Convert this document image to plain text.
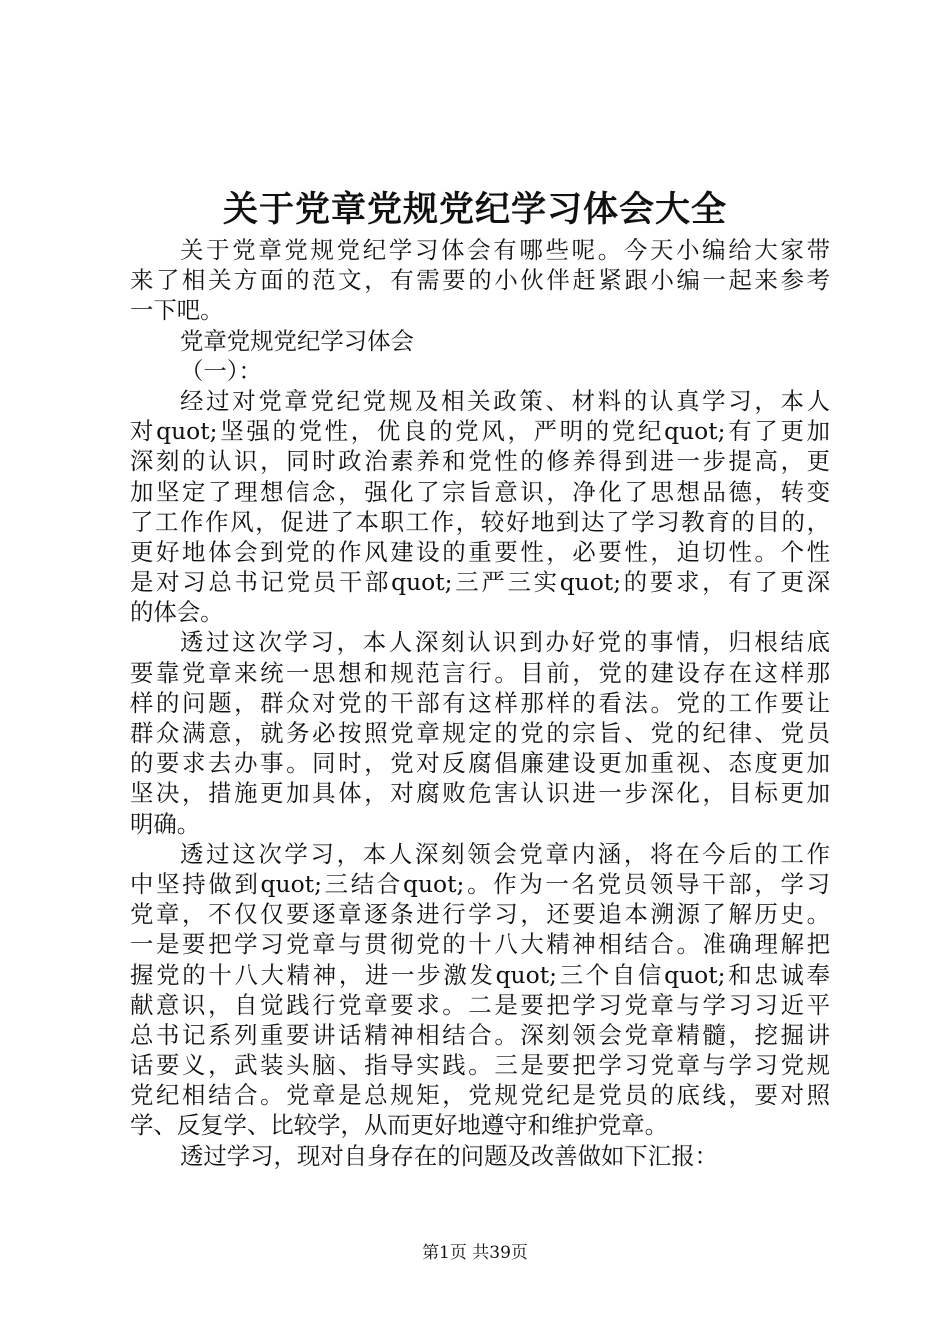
关于党章党规党纪学习体会大全
关于党章党规党纪学习体会有哪些呢。今天小编给大家带
来了相关方面的范文，有需要的小伙伴赶紧跟小编一起来参考
一下吧。
党章党规党纪学习体会
（一）：
经过对党章党纪党规及相关政策、材料的认真学习，本人
对quot;坚强的党性，优良的党风，严明的党纪quot;有了更加
深刻的认识，同时政治素养和党性的修养得到进一步提高，更
加坚定了理想信念，强化了宗旨意识，净化了思想品德，转变
了工作作风，促进了本职工作，较好地到达了学习教育的目的，
更好地体会到党的作风建设的重要性，必要性，迫切性。个性
是对习总书记党员干部quot;三严三实quot;的要求，有了更深
的体会。
透过这次学习，本人深刻认识到办好党的事情，归根结底
要靠党章来统一思想和规范言行。目前，党的建设存在这样那
样的问题，群众对党的干部有这样那样的看法。党的工作要让
群众满意，就务必按照党章规定的党的宗旨、党的纪律、党员
的要求去办事。同时，党对反腐倡廉建设更加重视、态度更加
坚决，措施更加具体，对腐败危害认识进一步深化，目标更加
明确。
透过这次学习，本人深刻领会党章内涵，将在今后的工作
中坚持做到quot;三结合quot;。作为一名党员领导干部，学习
党章，不仅仅要逐章逐条进行学习，还要追本溯源了解历史。
一是要把学习党章与贯彻党的十八大精神相结合。准确理解把
握党的十八大精神，进一步激发quot;三个自信quot;和忠诚奉
献意识，自觉践行党章要求。二是要把学习党章与学习习近平
总书记系列重要讲话精神相结合。深刻领会党章精髓，挖掘讲
话要义，武装头脑、指导实践。三是要把学习党章与学习党规
党纪相结合。党章是总规矩，党规党纪是党员的底线，要对照
学、反复学、比较学，从而更好地遵守和维护党章。
透过学习，现对自身存在的问题及改善做如下汇报：
第1页 共39页
